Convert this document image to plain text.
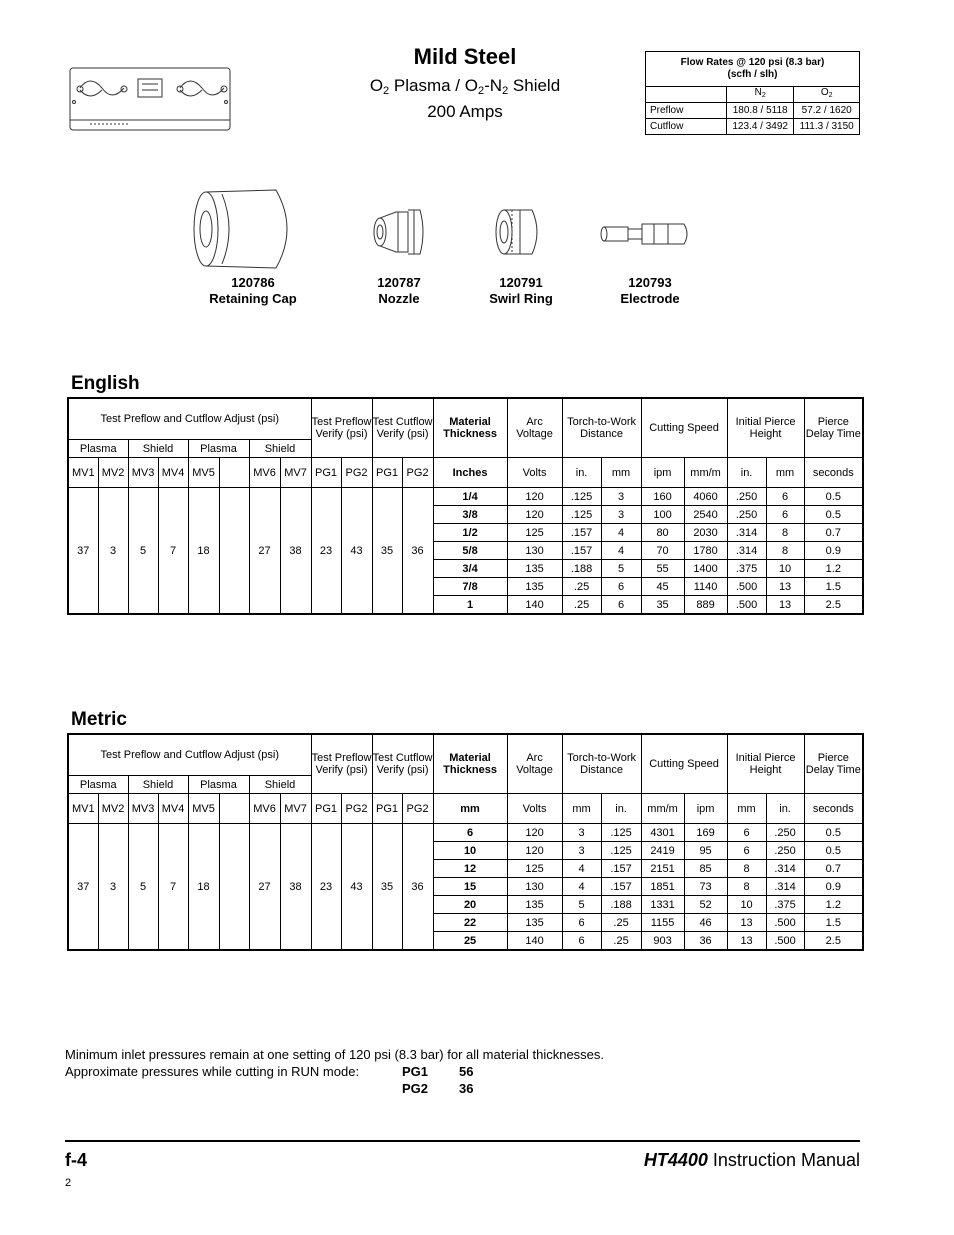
Mild Steel
$O_2$ Plasma / $O_2-N_2$ Shield
200 Amps
Flow Rates @ 120 psi (8.3 bar)
(scfh / slh)		
	$N_2$	$O_2$
Preflow	180.8 / 5118	57.2 / 1620
Cutflow	123.4 / 3492	111.3 / 3150
120786
Retaining Cap
120787
Nozzle
120791
Swirl Ring
120793
Electrode
English
Test Preflow and Cutflow Adjust (psi)								Test Preflow Verify (psi)		Test Cutflow Verify (psi)		Material Thickness	Arc Voltage	Torch-to-Work Distance		Cutting Speed		Initial Pierce Height		Pierce Delay Time
Plasma		Shield		Plasma		Shield														
MV1	MV2	MV3	MV4	MV5		MV6	MV7	PG1	PG2	PG1	PG2	Inches	Volts	in.	mm	ipm	mm/m	in.	mm	seconds
37	3	5	7	18		27	38	23	43	35	36	1/4	120	.125	3	160	4060	.250	6	0.5
												3/8	120	.125	3	100	2540	.250	6	0.5
												1/2	125	.157	4	80	2030	.314	8	0.7
												5/8	130	.157	4	70	1780	.314	8	0.9
												3/4	135	.188	5	55	1400	.375	10	1.2
												7/8	135	.25	6	45	1140	.500	13	1.5
												1	140	.25	6	35	889	.500	13	2.5
Metric
Test Preflow and Cutflow Adjust (psi)								Test Preflow Verify (psi)		Test Cutflow Verify (psi)		Material Thickness	Arc Voltage	Torch-to-Work Distance		Cutting Speed		Initial Pierce Height		Pierce Delay Time
Plasma		Shield		Plasma		Shield														
MV1	MV2	MV3	MV4	MV5		MV6	MV7	PG1	PG2	PG1	PG2	mm	Volts	mm	in.	mm/m	ipm	mm	in.	seconds
37	3	5	7	18		27	38	23	43	35	36	6	120	3	.125	4301	169	6	.250	0.5
												10	120	3	.125	2419	95	6	.250	0.5
												12	125	4	.157	2151	85	8	.314	0.7
												15	130	4	.157	1851	73	8	.314	0.9
												20	135	5	.188	1331	52	10	.375	1.2
												22	135	6	.25	1155	46	13	.500	1.5
												25	140	6	.25	903	36	13	.500	2.5
Minimum inlet pressures remain at one setting of 120 psi (8.3 bar) for all material thicknesses.
Approximate pressures while cutting in RUN mode:	PG1 56
PG2 36
f-4	HT4400 Instruction Manual
2
